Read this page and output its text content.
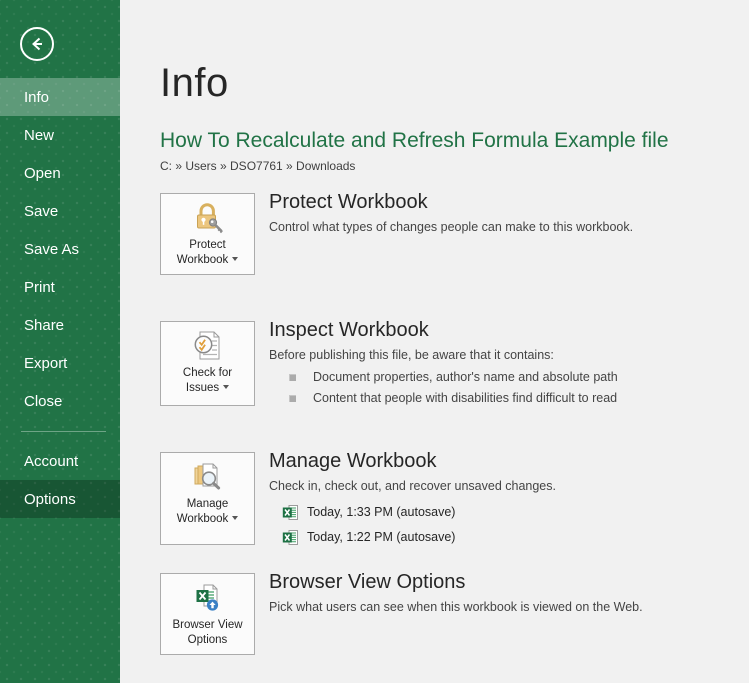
Info
New
Open
Save
Save As
Print
Share
Export
Close
Account
Options
Info
How To Recalculate and Refresh Formula Example file
C: » Users » DSO7761 » Downloads
Protect
Workbook
Protect Workbook

Control what types of changes people can make to this workbook.

Check for
Issues
Inspect Workbook

Before publishing this file, be aware that it contains:

Document properties, author's name and absolute path
Content that people with disabilities find difficult to read
Manage
Workbook
Manage Workbook

Check in, check out, and recover unsaved changes.

Today, 1:33 PM (autosave)
Today, 1:22 PM (autosave)
Browser View
Options
Browser View Options

Pick what users can see when this workbook is viewed on the Web.
